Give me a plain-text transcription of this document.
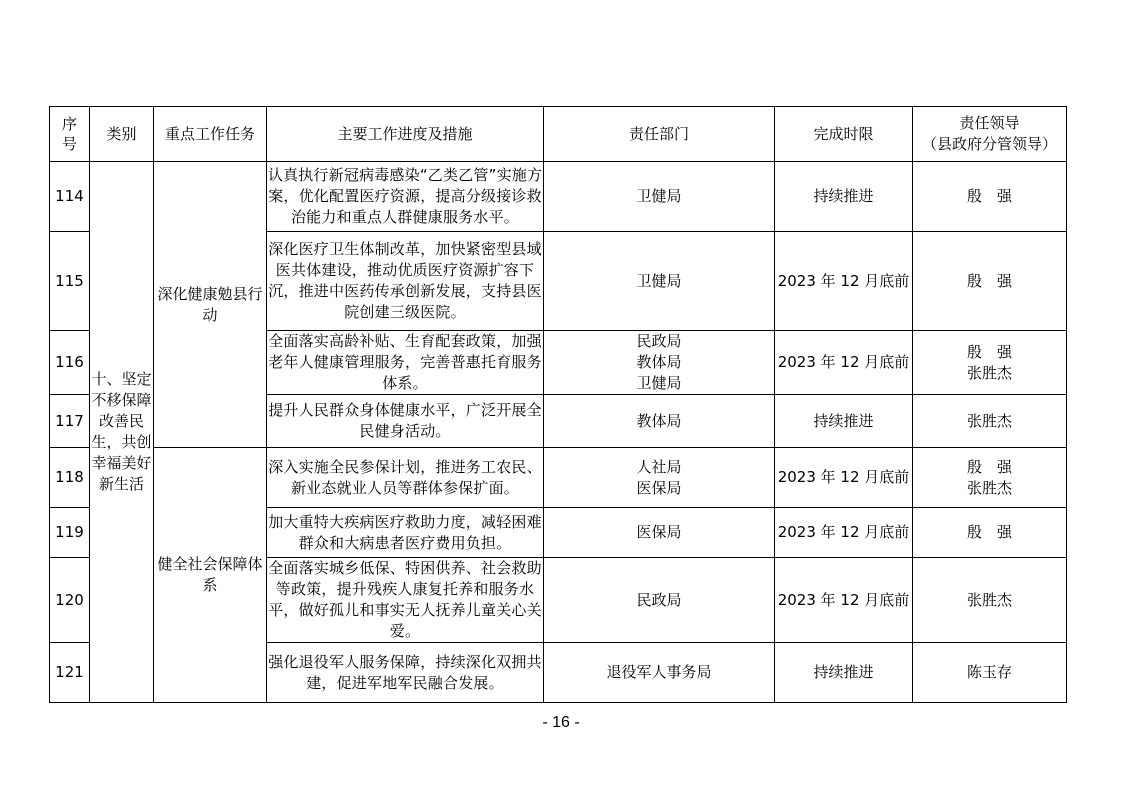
序
号	类别	重点工作任务	主要工作进度及措施	责任部门	完成时限	责任领导
（县政府分管领导）

114	十、坚定不移保障改善民生，共创幸福美好新生活	深化健康勉县行动	认真执行新冠病毒感染“乙类乙管”实施方案，优化配置医疗资源，提高分级接诊救治能力和重点人群健康服务水平。	卫健局	持续推进	殷　强

115			深化医疗卫生体制改革，加快紧密型县域医共体建设，推动优质医疗资源扩容下沉，推进中医药传承创新发展，支持县医院创建三级医院。	卫健局	2023 年 12 月底前	殷　强

116			全面落实高龄补贴、生育配套政策，加强老年人健康管理服务，完善普惠托育服务体系。	民政局
教体局
卫健局	2023 年 12 月底前	殷　强
张胜杰

117			提升人民群众身体健康水平，广泛开展全民健身活动。	教体局	持续推进	张胜杰

118		健全社会保障体系	深入实施全民参保计划，推进务工农民、新业态就业人员等群体参保扩面。	人社局
医保局	2023 年 12 月底前	殷　强
张胜杰

119			加大重特大疾病医疗救助力度，减轻困难群众和大病患者医疗费用负担。	医保局	2023 年 12 月底前	殷　强

120			全面落实城乡低保、特困供养、社会救助等政策，提升残疾人康复托养和服务水平，做好孤儿和事实无人抚养儿童关心关爱。	民政局	2023 年 12 月底前	张胜杰

121			强化退役军人服务保障，持续深化双拥共建，促进军地军民融合发展。	退役军人事务局	持续推进	陈玉存
- 16 -
